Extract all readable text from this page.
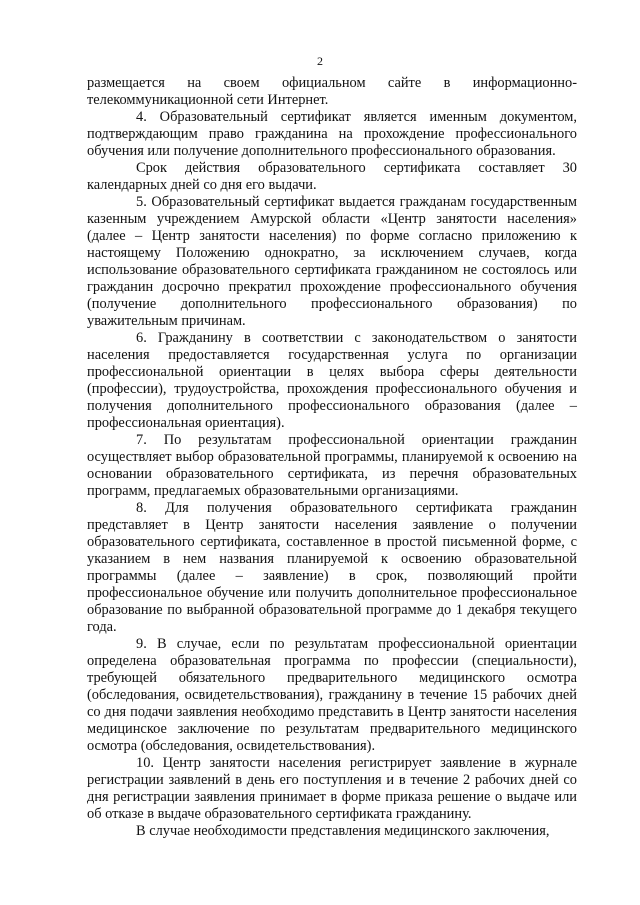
2

размещается на своем официальном сайте в информационно-телекоммуникационной сети Интернет.

4. Образовательный сертификат является именным документом, подтверждающим право гражданина на прохождение профессионального обучения или получение дополнительного профессионального образования.

Срок действия образовательного сертификата составляет 30 календарных дней со дня его выдачи.

5. Образовательный сертификат выдается гражданам государственным казенным учреждением Амурской области «Центр занятости населения» (далее – Центр занятости населения) по форме согласно приложению к настоящему Положению однократно, за исключением случаев, когда использование образовательного сертификата гражданином не состоялось или гражданин досрочно прекратил прохождение профессионального обучения (получение дополнительного профессионального образования) по уважительным причинам.

6. Гражданину в соответствии с законодательством о занятости населения предоставляется государственная услуга по организации профессиональной ориентации в целях выбора сферы деятельности (профессии), трудоустройства, прохождения профессионального обучения и получения дополнительного профессионального образования (далее – профессиональная ориентация).

7. По результатам профессиональной ориентации гражданин осуществляет выбор образовательной программы, планируемой к освоению на основании образовательного сертификата, из перечня образовательных программ, предлагаемых образовательными организациями.

8. Для получения образовательного сертификата гражданин представляет в Центр занятости населения заявление о получении образовательного сертификата, составленное в простой письменной форме, с указанием в нем названия планируемой к освоению образовательной программы (далее – заявление) в срок, позволяющий пройти профессиональное обучение или получить дополнительное профессиональное образование по выбранной образовательной программе до 1 декабря текущего года.

9. В случае, если по результатам профессиональной ориентации определена образовательная программа по профессии (специальности), требующей обязательного предварительного медицинского осмотра (обследования, освидетельствования), гражданину в течение 15 рабочих дней со дня подачи заявления необходимо представить в Центр занятости населения медицинское заключение по результатам предварительного медицинского осмотра (обследования, освидетельствования).

10. Центр занятости населения регистрирует заявление в журнале регистрации заявлений в день его поступления и в течение 2 рабочих дней со дня регистрации заявления принимает в форме приказа решение о выдаче или об отказе в выдаче образовательного сертификата гражданину.

В случае необходимости представления медицинского заключения,
